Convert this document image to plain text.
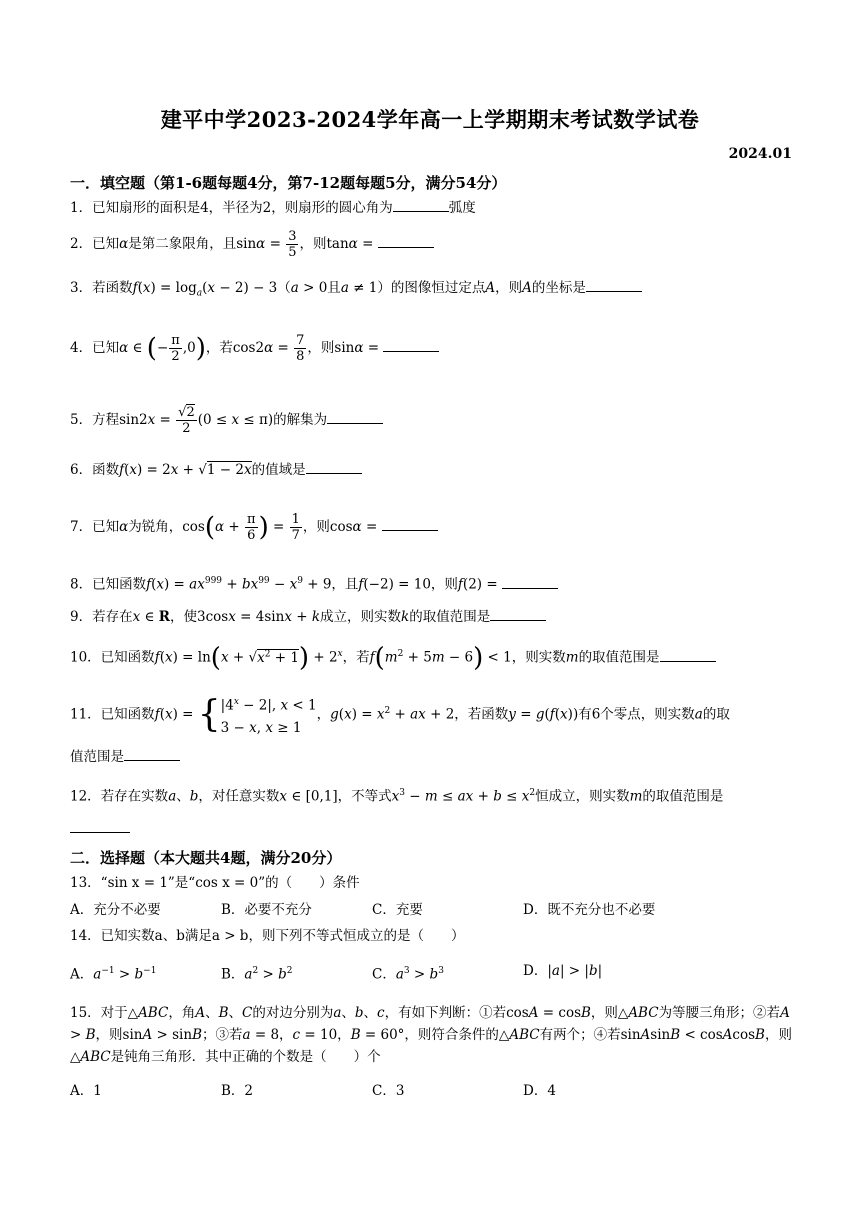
建平中学2023-2024学年高一上学期期末考试数学试卷
2024.01
一．填空题（第1-6题每题4分，第7-12题每题5分，满分54分）
1．已知扇形的面积是4，半径为2，则扇形的圆心角为	弧度
2．已知α是第二象限角，且$\sin\alpha = \frac{3}{5}$ ，则tanα =
3．若函数$f(x) = \log_a(x - 2) - 3(a > 0$且a ≠ 1）的图像恒过定点A，则A的坐标是
4．已知α ∈ (− $\frac{\pi}{2} ,0$)，若$\cos 2\alpha = \frac{7}{8}$ ，则sinα =
5．方程$\sin 2x = \frac{√2}{2} (0 \le x \le \pi)$的解集为
6．函数f(x) = 2x + √1 − 2x的值域是
7．已知α为锐角，$\cos(\alpha + \frac{\pi}{6}$ ) = $\frac{1}{7}$ ，则cosα =
8．已知函数$f(x) = ax^{999} + bx^{99} - x^9 + 9$，且f(−2) = 10，则f(2) =
9．若存在x ∈ R，使3cosx = 4sinx + k成立，则实数k的取值范围是
10．已知函数$f(x) = \ln(x + √x^2 + 1) + 2^x$，若$f(m^2 + 5m - 6) < 1$，则实数m的取值范围是
11．已知函数$f(x) = \{|4^x - 2|$, x < 1
3 − x, x ≥ 1，$g(x) = x^2$ + ax + 2，若函数y = g(f(x))有6个零点，则实数a的取
值范围是
12．若存在实数a、b，对任意实数x ∈ [0,1]，不等式$x^3 - m$ ≤ ax + $b \le x^2$恒成立，则实数m的取值范围是
二．选择题（本大题共4题，满分20分）
13．“sin x = 1”是“cos x = 0”的（　　）条件
A．充分不必要	B．必要不充分	C．充要	D．既不充分也不必要
14．已知实数a、b满足a > b，则下列不等式恒成立的是（　　）
A．$a^{-1} > b^{-1}$	B．$a^2 > b^2$	C．$a^3 > b^3$	D．|a| > |b|
15．对于△ABC，角A、B、C的对边分别为a、b、c，有如下判断：①若cosA = cosB，则△ABC为等腰三角形；②若A > B，则sinA > sinB；③若a = 8，c = 10，B = 60°，则符合条件的△ABC有两个；④若sinAsinB < cosAcosB，则△ABC是钝角三角形．其中正确的个数是（　　）个
A．1	B．2	C．3	D．4
